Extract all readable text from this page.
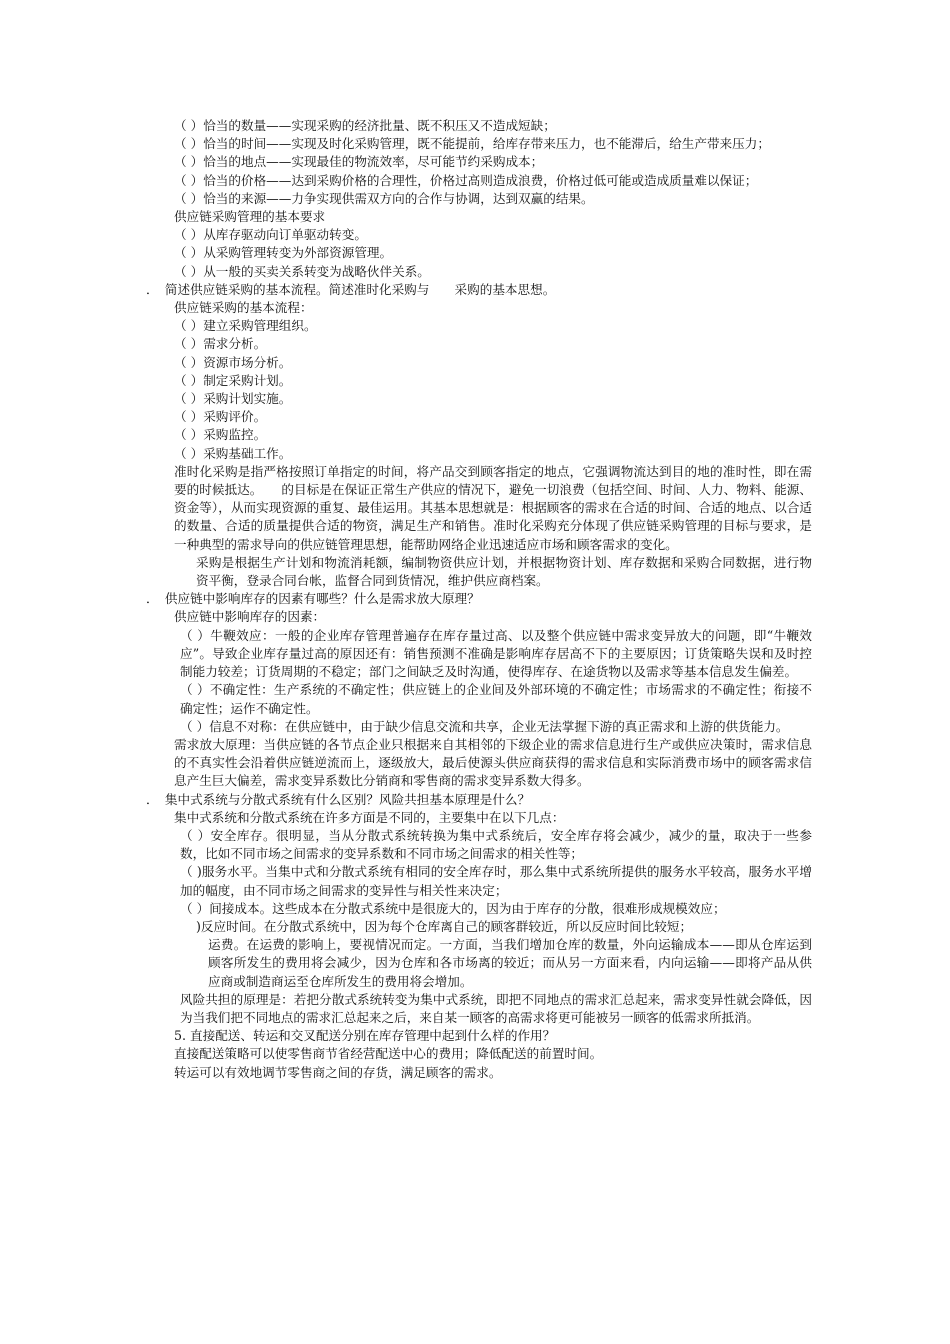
（ ）恰当的数量——实现采购的经济批量、既不积压又不造成短缺；

（ ）恰当的时间——实现及时化采购管理，既不能提前，给库存带来压力，也不能滞后，给生产带来压力；

（ ）恰当的地点——实现最佳的物流效率，尽可能节约采购成本；

（ ）恰当的价格——达到采购价格的合理性，价格过高则造成浪费，价格过低可能或造成质量难以保证；

（ ）恰当的来源——力争实现供需双方向的合作与协调，达到双赢的结果。

供应链采购管理的基本要求

（ ）从库存驱动向订单驱动转变。

（ ）从采购管理转变为外部资源管理。

（ ）从一般的买卖关系转变为战略伙伴关系。

．　简述供应链采购的基本流程。简述准时化采购与　　采购的基本思想。

供应链采购的基本流程：

（ ）建立采购管理组织。

（ ）需求分析。

（ ）资源市场分析。

（ ）制定采购计划。

（ ）采购计划实施。

（ ）采购评价。

（ ）采购监控。

（ ）采购基础工作。

准时化采购是指严格按照订单指定的时间，将产品交到顾客指定的地点，它强调物流达到目的地的准时性，即在需要的时候抵达。　　的目标是在保证正常生产供应的情况下，避免一切浪费（包括空间、时间、人力、物料、能源、资金等），从而实现资源的重复、最佳运用。其基本思想就是：根据顾客的需求在合适的时间、合适的地点、以合适的数量、合适的质量提供合适的物资，满足生产和销售。准时化采购充分体现了供应链采购管理的目标与要求，是一种典型的需求导向的供应链管理思想，能帮助网络企业迅速适应市场和顾客需求的变化。

采购是根据生产计划和物流消耗额，编制物资供应计划，并根据物资计划、库存数据和采购合同数据，进行物资平衡，登录合同台帐，监督合同到货情况，维护供应商档案。

．　供应链中影响库存的因素有哪些？什么是需求放大原理？

供应链中影响库存的因素：

（ ）牛鞭效应：一般的企业库存管理普遍存在库存量过高、以及整个供应链中需求变异放大的问题，即“牛鞭效应”。导致企业库存量过高的原因还有：销售预测不准确是影响库存居高不下的主要原因；订货策略失误和及时控制能力较差；订货周期的不稳定；部门之间缺乏及时沟通，使得库存、在途货物以及需求等基本信息发生偏差。

（ ）不确定性：生产系统的不确定性；供应链上的企业间及外部环境的不确定性；市场需求的不确定性；衔接不确定性；运作不确定性。

（ ）信息不对称：在供应链中，由于缺少信息交流和共享，企业无法掌握下游的真正需求和上游的供货能力。

需求放大原理：当供应链的各节点企业只根据来自其相邻的下级企业的需求信息进行生产或供应决策时，需求信息的不真实性会沿着供应链逆流而上，逐级放大，最后使源头供应商获得的需求信息和实际消费市场中的顾客需求信息产生巨大偏差，需求变异系数比分销商和零售商的需求变异系数大得多。

．　集中式系统与分散式系统有什么区别？风险共担基本原理是什么？

集中式系统和分散式系统在许多方面是不同的，主要集中在以下几点：

（ ）安全库存。很明显，当从分散式系统转换为集中式系统后，安全库存将会减少，减少的量，取决于一些参数，比如不同市场之间需求的变异系数和不同市场之间需求的相关性等；

（ )服务水平。当集中式和分散式系统有相同的安全库存时，那么集中式系统所提供的服务水平较高，服务水平增加的幅度，由不同市场之间需求的变异性与相关性来决定；

（ ）间接成本。这些成本在分散式系统中是很庞大的，因为由于库存的分散，很难形成规模效应；

)反应时间。在分散式系统中，因为每个仓库离自己的顾客群较近，所以反应时间比较短；

运费。在运费的影响上，要视情况而定。一方面，当我们增加仓库的数量，外向运输成本——即从仓库运到顾客所发生的费用将会减少，因为仓库和各市场离的较近；而从另一方面来看，内向运输——即将产品从供应商或制造商运至仓库所发生的费用将会增加。

风险共担的原理是：若把分散式系统转变为集中式系统，即把不同地点的需求汇总起来，需求变异性就会降低，因为当我们把不同地点的需求汇总起来之后，来自某一顾客的高需求将更可能被另一顾客的低需求所抵消。

5. 直接配送、转运和交叉配送分别在库存管理中起到什么样的作用？

直接配送策略可以使零售商节省经营配送中心的费用；降低配送的前置时间。

转运可以有效地调节零售商之间的存货，满足顾客的需求。
